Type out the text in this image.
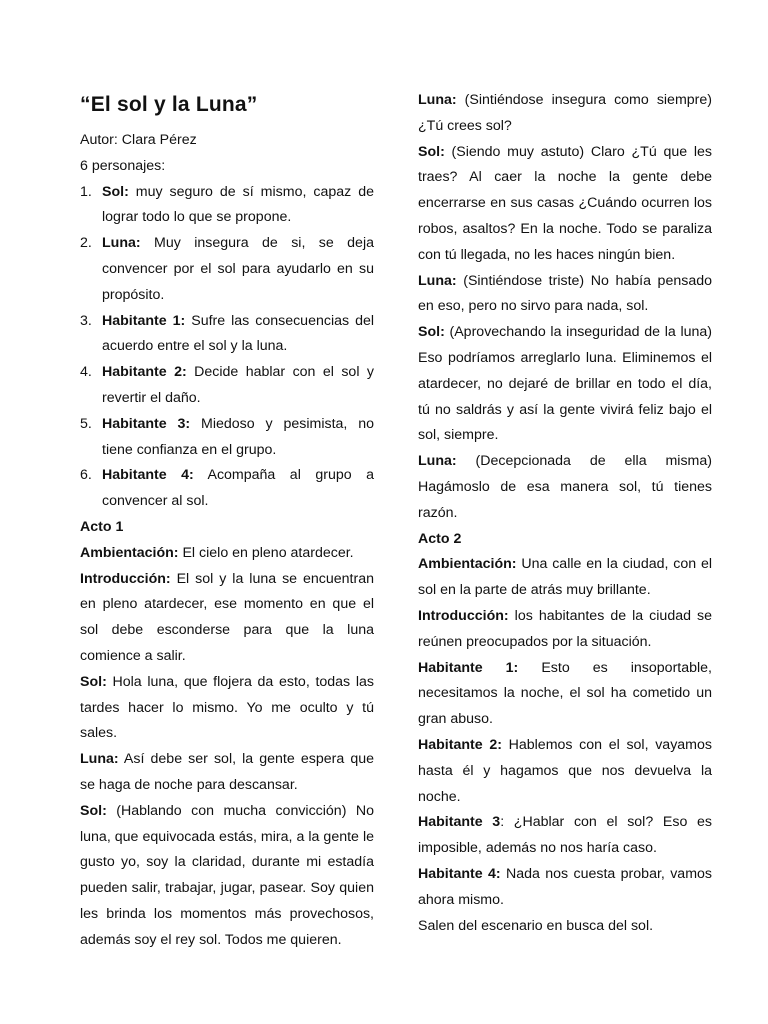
“El sol y la Luna”

Autor: Clara Pérez

6 personajes:

1. Sol: muy seguro de sí mismo, capaz de lograr todo lo que se propone.
2. Luna: Muy insegura de si, se deja convencer por el sol para ayudarlo en su propósito.
3. Habitante 1: Sufre las consecuencias del acuerdo entre el sol y la luna.
4. Habitante 2: Decide hablar con el sol y revertir el daño.
5. Habitante 3: Miedoso y pesimista, no tiene confianza en el grupo.
6. Habitante 4: Acompaña al grupo a convencer al sol.

Acto 1

Ambientación: El cielo en pleno atardecer.

Introducción: El sol y la luna se encuentran en pleno atardecer, ese momento en que el sol debe esconderse para que la luna comience a salir.

Sol: Hola luna, que flojera da esto, todas las tardes hacer lo mismo. Yo me oculto y tú sales.

Luna: Así debe ser sol, la gente espera que se haga de noche para descansar.

Sol: (Hablando con mucha convicción) No luna, que equivocada estás, mira, a la gente le gusto yo, soy la claridad, durante mi estadía pueden salir, trabajar, jugar, pasear. Soy quien les brinda los momentos más provechosos, además soy el rey sol. Todos me quieren.

Luna: (Sintiéndose insegura como siempre) ¿Tú crees sol?

Sol: (Siendo muy astuto) Claro ¿Tú que les traes? Al caer la noche la gente debe encerrarse en sus casas ¿Cuándo ocurren los robos, asaltos? En la noche. Todo se paraliza con tú llegada, no les haces ningún bien.

Luna: (Sintiéndose triste) No había pensado en eso, pero no sirvo para nada, sol.

Sol: (Aprovechando la inseguridad de la luna) Eso podríamos arreglarlo luna. Eliminemos el atardecer, no dejaré de brillar en todo el día, tú no saldrás y así la gente vivirá feliz bajo el sol, siempre.

Luna: (Decepcionada de ella misma) Hagámoslo de esa manera sol, tú tienes razón.

Acto 2

Ambientación: Una calle en la ciudad, con el sol en la parte de atrás muy brillante.

Introducción: los habitantes de la ciudad se reúnen preocupados por la situación.

Habitante 1: Esto es insoportable, necesitamos la noche, el sol ha cometido un gran abuso.

Habitante 2: Hablemos con el sol, vayamos hasta él y hagamos que nos devuelva la noche.

Habitante 3: ¿Hablar con el sol? Eso es imposible, además no nos haría caso.

Habitante 4: Nada nos cuesta probar, vamos ahora mismo.

Salen del escenario en busca del sol.
